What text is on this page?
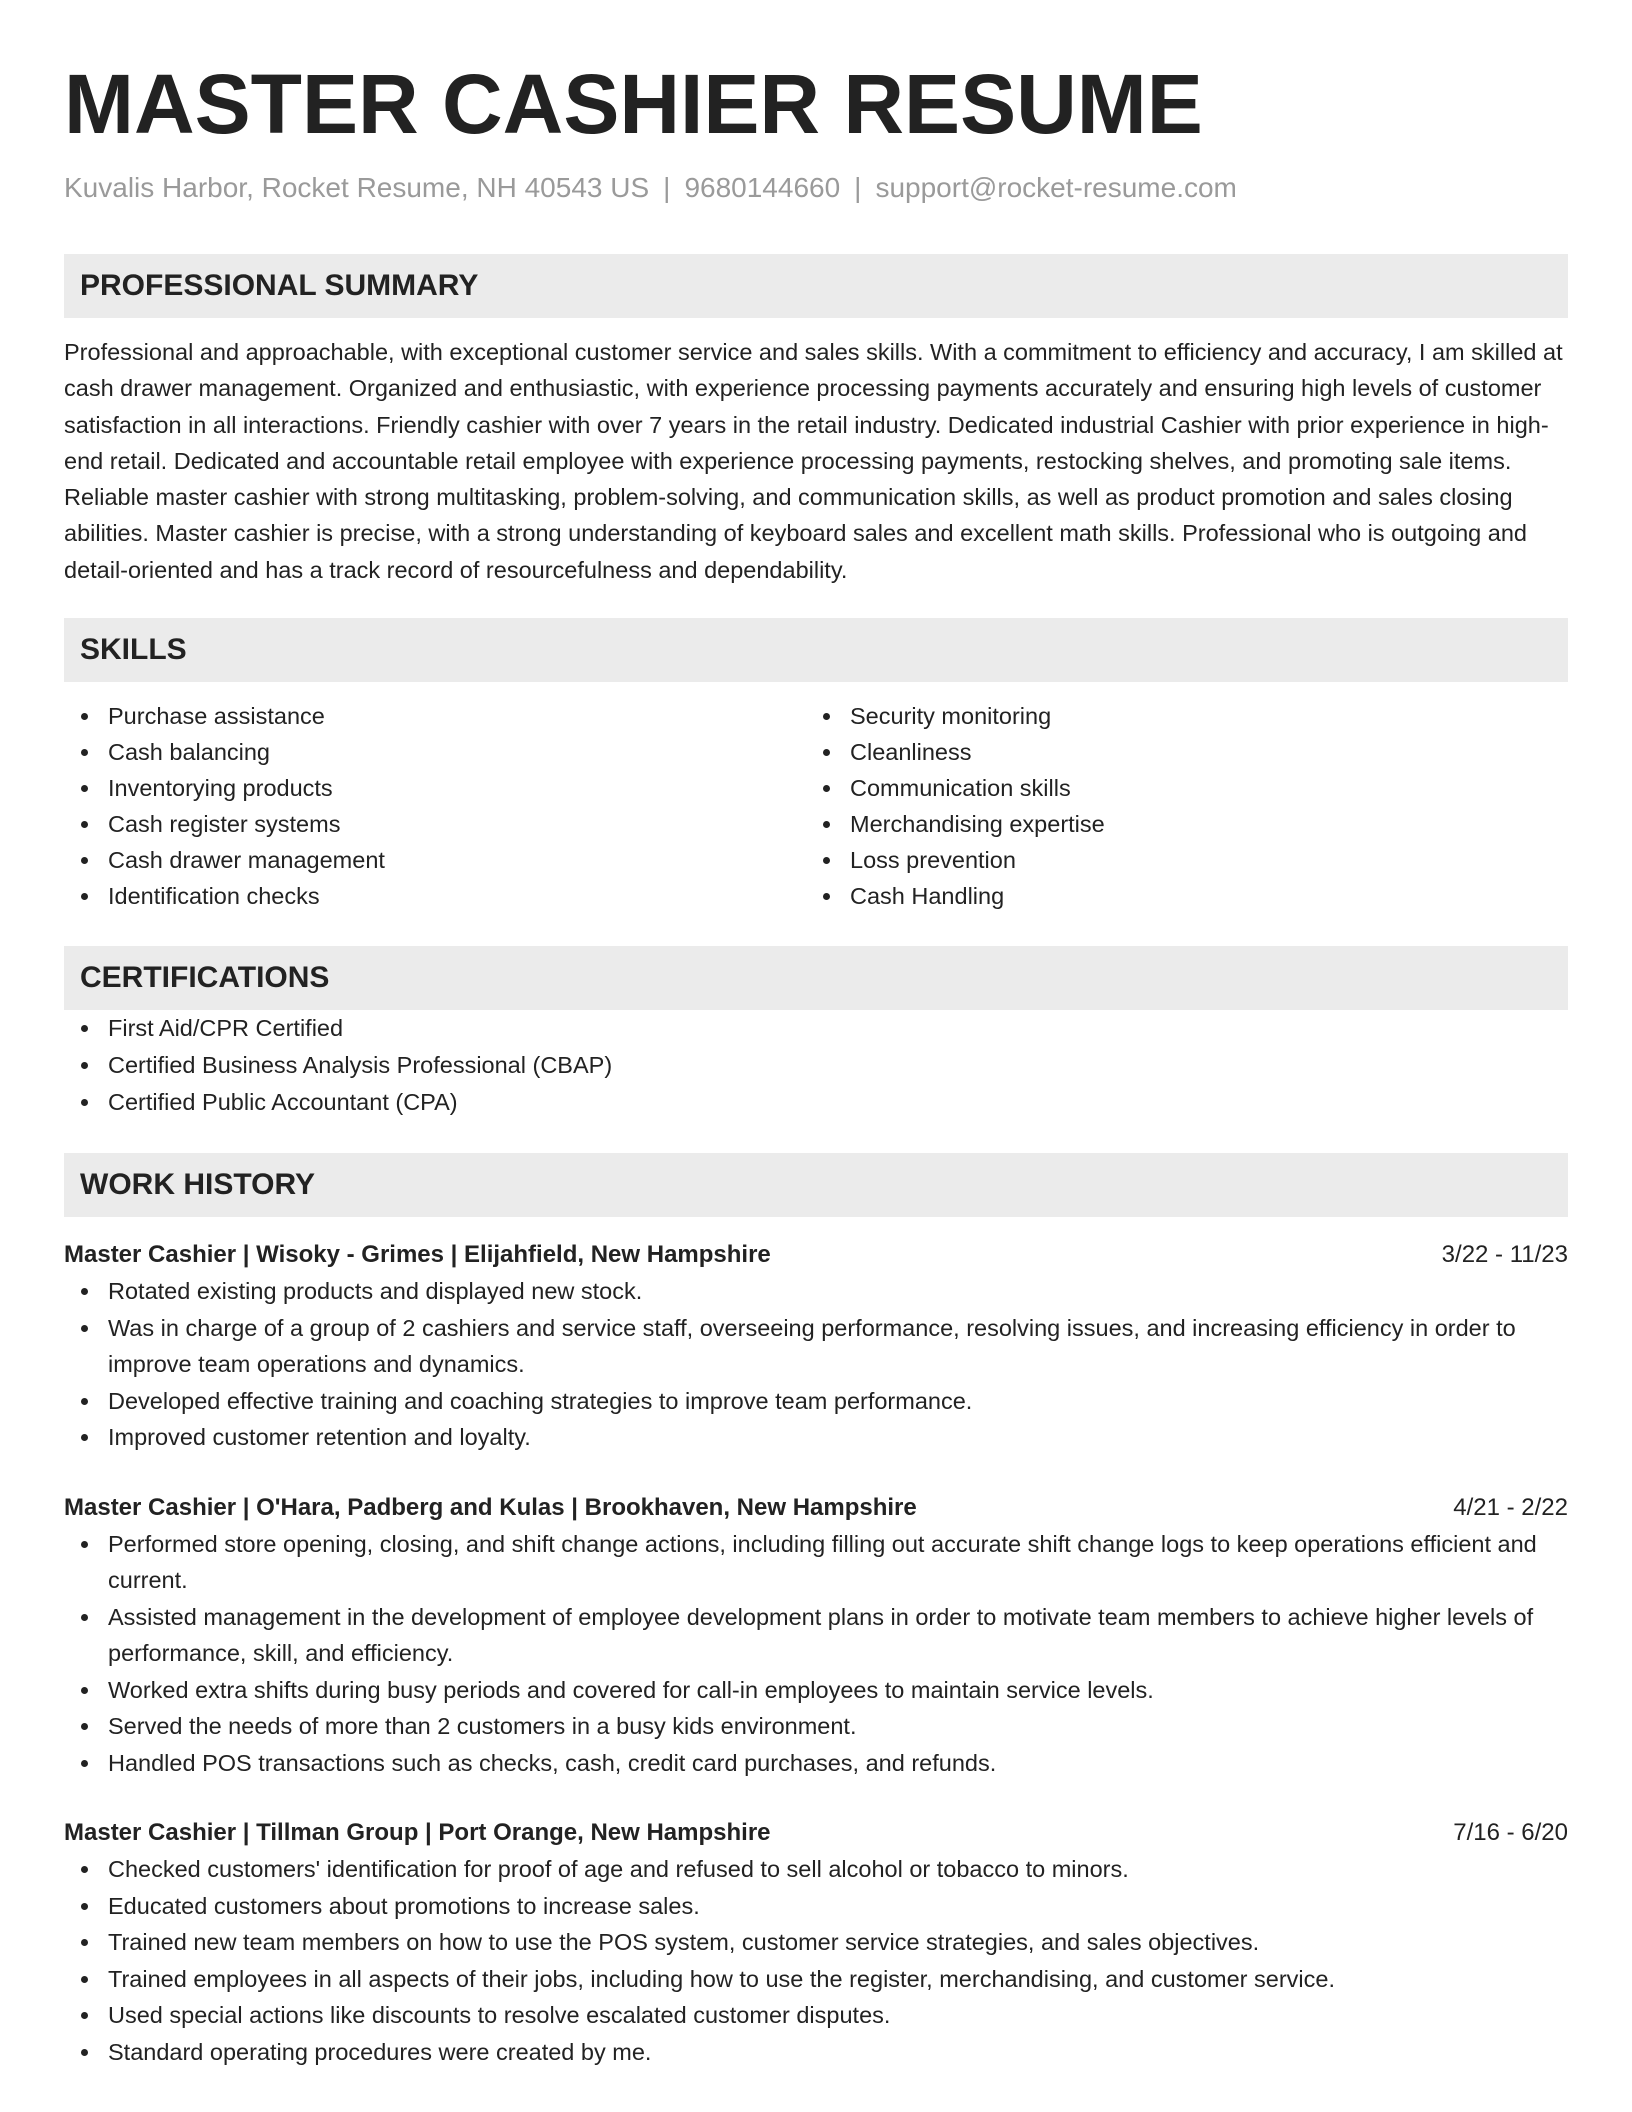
MASTER CASHIER RESUME
Kuvalis Harbor, Rocket Resume, NH 40543 US | 9680144660 | support@rocket-resume.com
PROFESSIONAL SUMMARY

Professional and approachable, with exceptional customer service and sales skills. With a commitment to efficiency and accuracy, I am skilled at cash drawer management. Organized and enthusiastic, with experience processing payments accurately and ensuring high levels of customer satisfaction in all interactions. Friendly cashier with over 7 years in the retail industry. Dedicated industrial Cashier with prior experience in high-end retail. Dedicated and accountable retail employee with experience processing payments, restocking shelves, and promoting sale items. Reliable master cashier with strong multitasking, problem-solving, and communication skills, as well as product promotion and sales closing abilities. Master cashier is precise, with a strong understanding of keyboard sales and excellent math skills. Professional who is outgoing and detail-oriented and has a track record of resourcefulness and dependability.

SKILLS
Purchase assistance
Cash balancing
Inventorying products
Cash register systems
Cash drawer management
Identification checks
Security monitoring
Cleanliness
Communication skills
Merchandising expertise
Loss prevention
Cash Handling
CERTIFICATIONS
First Aid/CPR Certified
Certified Business Analysis Professional (CBAP)
Certified Public Accountant (CPA)
WORK HISTORY
Master Cashier | Wisoky - Grimes | Elijahfield, New Hampshire	3/22 - 11/23
Rotated existing products and displayed new stock.
Was in charge of a group of 2 cashiers and service staff, overseeing performance, resolving issues, and increasing efficiency in order to improve team operations and dynamics.
Developed effective training and coaching strategies to improve team performance.
Improved customer retention and loyalty.
Master Cashier | O'Hara, Padberg and Kulas | Brookhaven, New Hampshire	4/21 - 2/22
Performed store opening, closing, and shift change actions, including filling out accurate shift change logs to keep operations efficient and current.
Assisted management in the development of employee development plans in order to motivate team members to achieve higher levels of performance, skill, and efficiency.
Worked extra shifts during busy periods and covered for call-in employees to maintain service levels.
Served the needs of more than 2 customers in a busy kids environment.
Handled POS transactions such as checks, cash, credit card purchases, and refunds.
Master Cashier | Tillman Group | Port Orange, New Hampshire	7/16 - 6/20
Checked customers' identification for proof of age and refused to sell alcohol or tobacco to minors.
Educated customers about promotions to increase sales.
Trained new team members on how to use the POS system, customer service strategies, and sales objectives.
Trained employees in all aspects of their jobs, including how to use the register, merchandising, and customer service.
Used special actions like discounts to resolve escalated customer disputes.
Standard operating procedures were created by me.
